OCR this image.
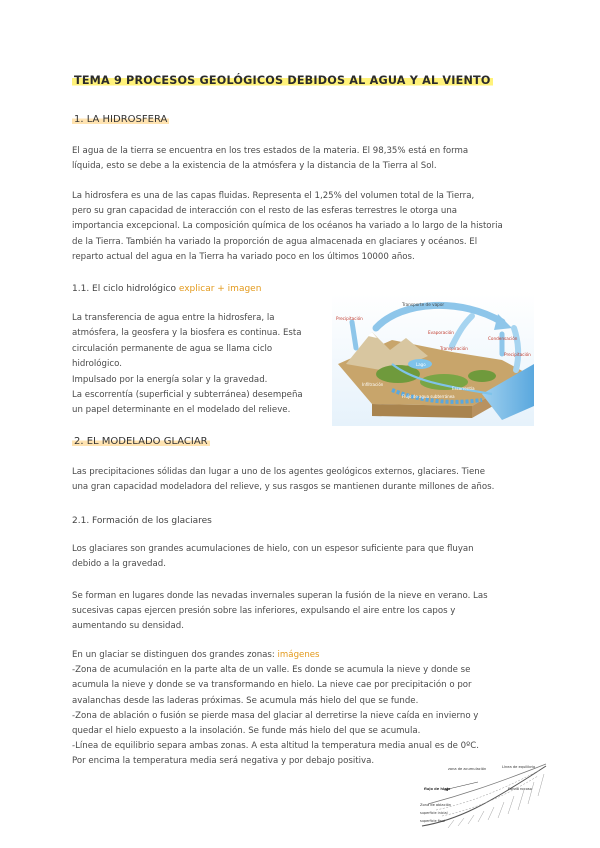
TEMA 9 PROCESOS GEOLÓGICOS DEBIDOS AL AGUA Y AL VIENTO
1. LA HIDROSFERA
El agua de la tierra se encuentra en los tres estados de la materia. El 98,35% está en forma
líquida, esto se debe a la existencia de la atmósfera y la distancia de la Tierra al Sol.
La hidrosfera es una de las capas fluidas. Representa el 1,25% del volumen total de la Tierra,
pero su gran capacidad de interacción con el resto de las esferas terrestres le otorga una
importancia excepcional. La composición química de los océanos ha variado a lo largo de la historia
de la Tierra. También ha variado la proporción de agua almacenada en glaciares y océanos. El
reparto actual del agua en la Tierra ha variado poco en los últimos 10000 años.
1.1. El ciclo hidrológico explicar + imagen
La transferencia de agua entre la hidrosfera, la
atmósfera, la geosfera y la biosfera es continua. Esta
circulación permanente de agua se llama ciclo
hidrológico.
Impulsado por la energía solar y la gravedad.
La escorrentía (superficial y subterránea) desempeña
un papel determinante en el modelado del relieve.
Transporte de vapor
Precipitación
Evaporación
Condensación
Transpiración
Precipitación
Lago
Infiltración
Escorrentía
Flujo de agua subterránea
2. EL MODELADO GLACIAR
Las precipitaciones sólidas dan lugar a uno de los agentes geológicos externos, glaciares. Tiene
una gran capacidad modeladora del relieve, y sus rasgos se mantienen durante millones de años.
2.1. Formación de los glaciares
Los glaciares son grandes acumulaciones de hielo, con un espesor suficiente para que fluyan
debido a la gravedad.
Se forman en lugares donde las nevadas invernales superan la fusión de la nieve en verano. Las
sucesivas capas ejercen presión sobre las inferiores, expulsando el aire entre los capos y
aumentando su densidad.
En un glaciar se distinguen dos grandes zonas: imágenes
-Zona de acumulación en la parte alta de un valle. Es donde se acumula la nieve y donde se
acumula la nieve y donde se va transformando en hielo. La nieve cae por precipitación o por
avalanchas desde las laderas próximas. Se acumula más hielo del que se funde.
-Zona de ablación o fusión se pierde masa del glaciar al derretirse la nieve caída en invierno y
quedar el hielo expuesto a la insolación. Se funde más hielo del que se acumula.
-Línea de equilibrio separa ambas zonas. A esta altitud la temperatura media anual es de 0ºC.
Por encima la temperatura media será negativa y por debajo positiva.
zona de acumulación	Línea de equilibrio
flujo de hielo	Fondo rocoso
Zona de ablación
superficie inicial
superficie final
